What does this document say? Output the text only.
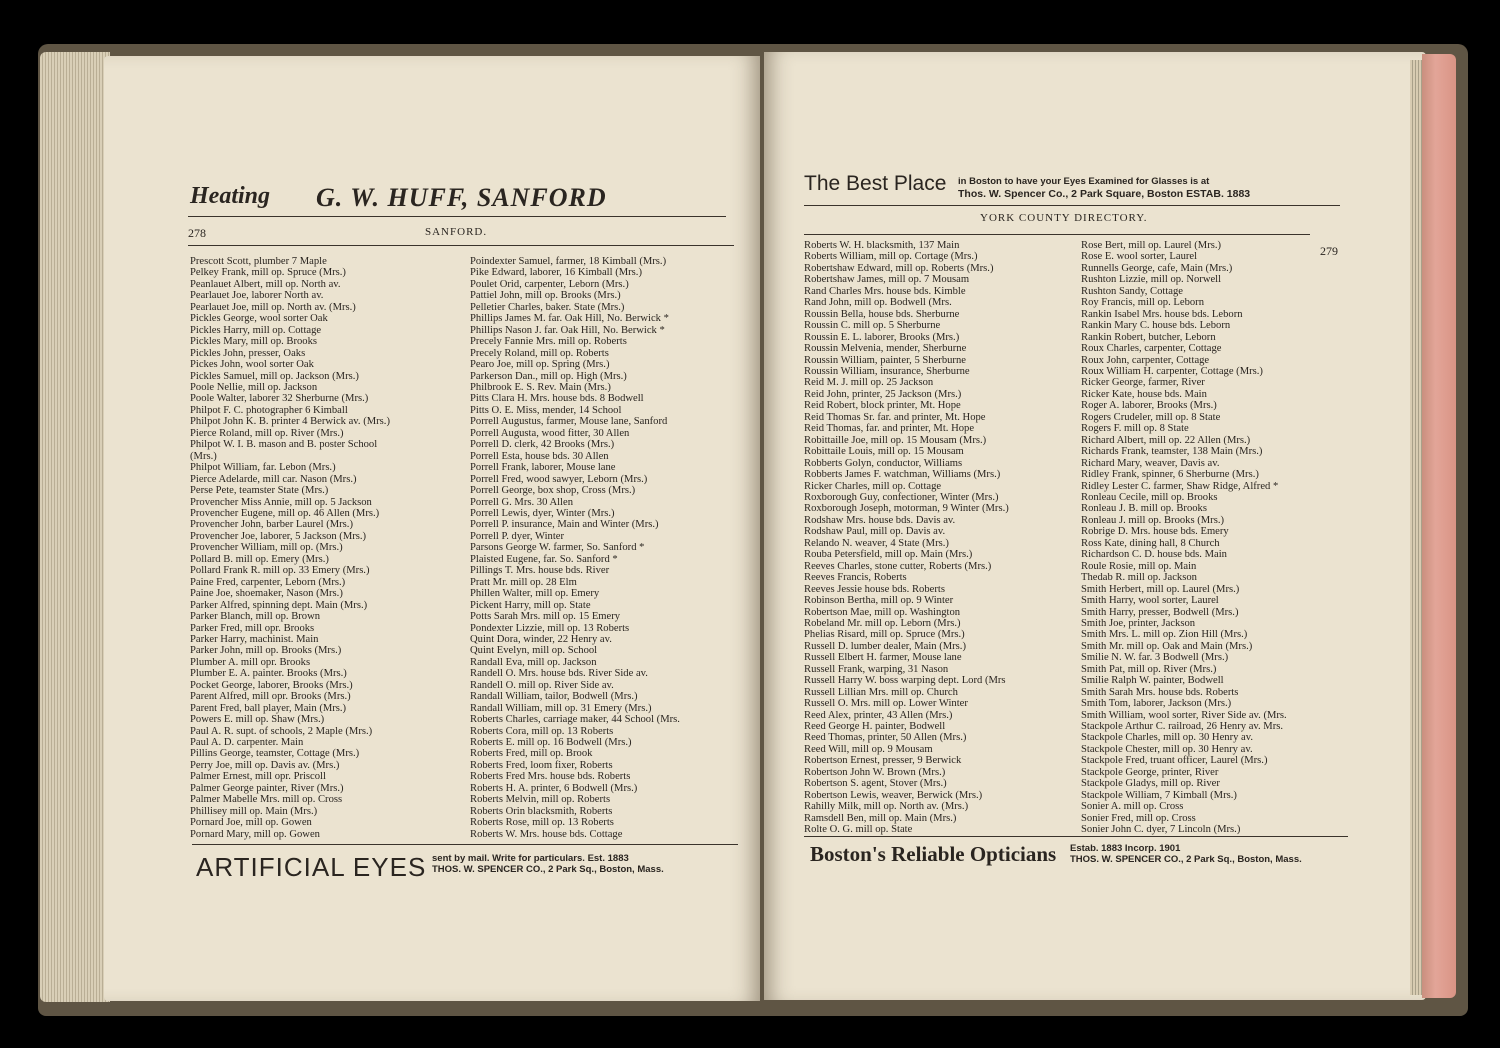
Heating G. W. HUFF, SANFORD
278	SANFORD.
Prescott Scott, plumber 7 Maple
Pelkey Frank, mill op. Spruce (Mrs.)
Peanlauet Albert, mill op. North av.
Pearlauet Joe, laborer North av.
Pearlauet Joe, mill op. North av. (Mrs.)
Pickles George, wool sorter Oak
Pickles Harry, mill op. Cottage
Pickles Mary, mill op. Brooks
Pickles John, presser, Oaks
Pickes John, wool sorter Oak
Pickles Samuel, mill op. Jackson (Mrs.)
Poole Nellie, mill op. Jackson
Poole Walter, laborer 32 Sherburne (Mrs.)
Philpot F. C. photographer 6 Kimball
Philpot John K. B. printer 4 Berwick av. (Mrs.)
Pierce Roland, mill op. River (Mrs.)
Philpot W. I. B. mason and B. poster School
(Mrs.)
Philpot William, far. Lebon (Mrs.)
Pierce Adelarde, mill car. Nason (Mrs.)
Perse Pete, teamster State (Mrs.)
Provencher Miss Annie, mill op. 5 Jackson
Provencher Eugene, mill op. 46 Allen (Mrs.)
Provencher John, barber Laurel (Mrs.)
Provencher Joe, laborer, 5 Jackson (Mrs.)
Provencher William, mill op. (Mrs.)
Pollard B. mill op. Emery (Mrs.)
Pollard Frank R. mill op. 33 Emery (Mrs.)
Paine Fred, carpenter, Leborn (Mrs.)
Paine Joe, shoemaker, Nason (Mrs.)
Parker Alfred, spinning dept. Main (Mrs.)
Parker Blanch, mill op. Brown
Parker Fred, mill opr. Brooks
Parker Harry, machinist. Main
Parker John, mill op. Brooks (Mrs.)
Plumber A. mill opr. Brooks
Plumber E. A. painter. Brooks (Mrs.)
Pocket George, laborer, Brooks (Mrs.)
Parent Alfred, mill opr. Brooks (Mrs.)
Parent Fred, ball player, Main (Mrs.)
Powers E. mill op. Shaw (Mrs.)
Paul A. R. supt. of schools, 2 Maple (Mrs.)
Paul A. D. carpenter. Main
Pillins George, teamster, Cottage (Mrs.)
Perry Joe, mill op. Davis av. (Mrs.)
Palmer Ernest, mill opr. Priscoll
Palmer George painter, River (Mrs.)
Palmer Mabelle Mrs. mill op. Cross
Phillisey mill op. Main (Mrs.)
Pornard Joe, mill op. Gowen
Pornard Mary, mill op. Gowen
Poindexter Samuel, farmer, 18 Kimball (Mrs.)
Pike Edward, laborer, 16 Kimball (Mrs.)
Poulet Orid, carpenter, Leborn (Mrs.)
Pattiel John, mill op. Brooks (Mrs.)
Pelletier Charles, baker. State (Mrs.)
Phillips James M. far. Oak Hill, No. Berwick *
Phillips Nason J. far. Oak Hill, No. Berwick *
Precely Fannie Mrs. mill op. Roberts
Precely Roland, mill op. Roberts
Pearo Joe, mill op. Spring (Mrs.)
Parkerson Dan., mill op. High (Mrs.)
Philbrook E. S. Rev. Main (Mrs.)
Pitts Clara H. Mrs. house bds. 8 Bodwell
Pitts O. E. Miss, mender, 14 School
Porrell Augustus, farmer, Mouse lane, Sanford
Porrell Augusta, wood fitter, 30 Allen
Porrell D. clerk, 42 Brooks (Mrs.)
Porrell Esta, house bds. 30 Allen
Porrell Frank, laborer, Mouse lane
Porrell Fred, wood sawyer, Leborn (Mrs.)
Porrell George, box shop, Cross (Mrs.)
Porrell G. Mrs. 30 Allen
Porrell Lewis, dyer, Winter (Mrs.)
Porrell P. insurance, Main and Winter (Mrs.)
Porrell P. dyer, Winter
Parsons George W. farmer, So. Sanford *
Plaisted Eugene, far. So. Sanford *
Pillings T. Mrs. house bds. River
Pratt Mr. mill op. 28 Elm
Phillen Walter, mill op. Emery
Pickent Harry, mill op. State
Potts Sarah Mrs. mill op. 15 Emery
Pondexter Lizzie, mill op. 13 Roberts
Quint Dora, winder, 22 Henry av.
Quint Evelyn, mill op. School
Randall Eva, mill op. Jackson
Randell O. Mrs. house bds. River Side av.
Randell O. mill op. River Side av.
Randall William, tailor, Bodwell (Mrs.)
Randall William, mill op. 31 Emery (Mrs.)
Roberts Charles, carriage maker, 44 School (Mrs.
Roberts Cora, mill op. 13 Roberts
Roberts E. mill op. 16 Bodwell (Mrs.)
Roberts Fred, mill op. Brook
Roberts Fred, loom fixer, Roberts
Roberts Fred Mrs. house bds. Roberts
Roberts H. A. printer, 6 Bodwell (Mrs.)
Roberts Melvin, mill op. Roberts
Roberts Orin blacksmith, Roberts
Roberts Rose, mill op. 13 Roberts
Roberts W. Mrs. house bds. Cottage
ARTIFICIAL EYES sent by mail. Write for particulars. Est. 1883
THOS. W. SPENCER CO., 2 Park Sq., Boston, Mass.
The Best Place in Boston to have your Eyes Examined for Glasses is at
Thos. W. Spencer Co., 2 Park Square, Boston ESTAB. 1883
YORK COUNTY DIRECTORY.
279
Roberts W. H. blacksmith, 137 Main
Roberts William, mill op. Cortage (Mrs.)
Robertshaw Edward, mill op. Roberts (Mrs.)
Robertshaw James, mill op. 7 Mousam
Rand Charles Mrs. house bds. Kimble
Rand John, mill op. Bodwell (Mrs.
Roussin Bella, house bds. Sherburne
Roussin C. mill op. 5 Sherburne
Roussin E. L. laborer, Brooks (Mrs.)
Roussin Melvenia, mender, Sherburne
Roussin William, painter, 5 Sherburne
Roussin William, insurance, Sherburne
Reid M. J. mill op. 25 Jackson
Reid John, printer, 25 Jackson (Mrs.)
Reid Robert, block printer, Mt. Hope
Reid Thomas Sr. far. and printer, Mt. Hope
Reid Thomas, far. and printer, Mt. Hope
Robittaille Joe, mill op. 15 Mousam (Mrs.)
Robittaile Louis, mill op. 15 Mousam
Robberts Golyn, conductor, Williams
Robberts James F. watchman, Williams (Mrs.)
Ricker Charles, mill op. Cottage
Roxborough Guy, confectioner, Winter (Mrs.)
Roxborough Joseph, motorman, 9 Winter (Mrs.)
Rodshaw Mrs. house bds. Davis av.
Rodshaw Paul, mill op. Davis av.
Relando N. weaver, 4 State (Mrs.)
Rouba Petersfield, mill op. Main (Mrs.)
Reeves Charles, stone cutter, Roberts (Mrs.)
Reeves Francis, Roberts
Reeves Jessie house bds. Roberts
Robinson Bertha, mill op. 9 Winter
Robertson Mae, mill op. Washington
Robeland Mr. mill op. Leborn (Mrs.)
Phelias Risard, mill op. Spruce (Mrs.)
Russell D. lumber dealer, Main (Mrs.)
Russell Elbert H. farmer, Mouse lane
Russell Frank, warping, 31 Nason
Russell Harry W. boss warping dept. Lord (Mrs
Russell Lillian Mrs. mill op. Church
Russell O. Mrs. mill op. Lower Winter
Reed Alex, printer, 43 Allen (Mrs.)
Reed George H. painter, Bodwell
Reed Thomas, printer, 50 Allen (Mrs.)
Reed Will, mill op. 9 Mousam
Robertson Ernest, presser, 9 Berwick
Robertson John W. Brown (Mrs.)
Robertson S. agent, Stover (Mrs.)
Robertson Lewis, weaver, Berwick (Mrs.)
Rahilly Milk, mill op. North av. (Mrs.)
Ramsdell Ben, mill op. Main (Mrs.)
Rolte O. G. mill op. State
Rose Bert, mill op. Laurel (Mrs.)
Rose E. wool sorter, Laurel
Runnells George, cafe, Main (Mrs.)
Rushton Lizzie, mill op. Norwell
Rushton Sandy, Cottage
Roy Francis, mill op. Leborn
Rankin Isabel Mrs. house bds. Leborn
Rankin Mary C. house bds. Leborn
Rankin Robert, butcher, Leborn
Roux Charles, carpenter, Cottage
Roux John, carpenter, Cottage
Roux William H. carpenter, Cottage (Mrs.)
Ricker George, farmer, River
Ricker Kate, house bds. Main
Roger A. laborer, Brooks (Mrs.)
Rogers Crudeler, mill op. 8 State
Rogers F. mill op. 8 State
Richard Albert, mill op. 22 Allen (Mrs.)
Richards Frank, teamster, 138 Main (Mrs.)
Richard Mary, weaver, Davis av.
Ridley Frank, spinner, 6 Sherburne (Mrs.)
Ridley Lester C. farmer, Shaw Ridge, Alfred *
Ronleau Cecile, mill op. Brooks
Ronleau J. B. mill op. Brooks
Ronleau J. mill op. Brooks (Mrs.)
Robrige D. Mrs. house bds. Emery
Ross Kate, dining hall, 8 Church
Richardson C. D. house bds. Main
Roule Rosie, mill op. Main
Thedab R. mill op. Jackson
Smith Herbert, mill op. Laurel (Mrs.)
Smith Harry, wool sorter, Laurel
Smith Harry, presser, Bodwell (Mrs.)
Smith Joe, printer, Jackson
Smith Mrs. L. mill op. Zion Hill (Mrs.)
Smith Mr. mill op. Oak and Main (Mrs.)
Smilie N. W. far. 3 Bodwell (Mrs.)
Smith Pat, mill op. River (Mrs.)
Smilie Ralph W. painter, Bodwell
Smith Sarah Mrs. house bds. Roberts
Smith Tom, laborer, Jackson (Mrs.)
Smith William, wool sorter, River Side av. (Mrs.
Stackpole Arthur C. railroad, 26 Henry av. Mrs.
Stackpole Charles, mill op. 30 Henry av.
Stackpole Chester, mill op. 30 Henry av.
Stackpole Fred, truant officer, Laurel (Mrs.)
Stackpole George, printer, River
Stackpole Gladys, mill op. River
Stackpole William, 7 Kimball (Mrs.)
Sonier A. mill op. Cross
Sonier Fred, mill op. Cross
Sonier John C. dyer, 7 Lincoln (Mrs.)
Boston's Reliable Opticians Estab. 1883 Incorp. 1901
THOS. W. SPENCER CO., 2 Park Sq., Boston, Mass.
